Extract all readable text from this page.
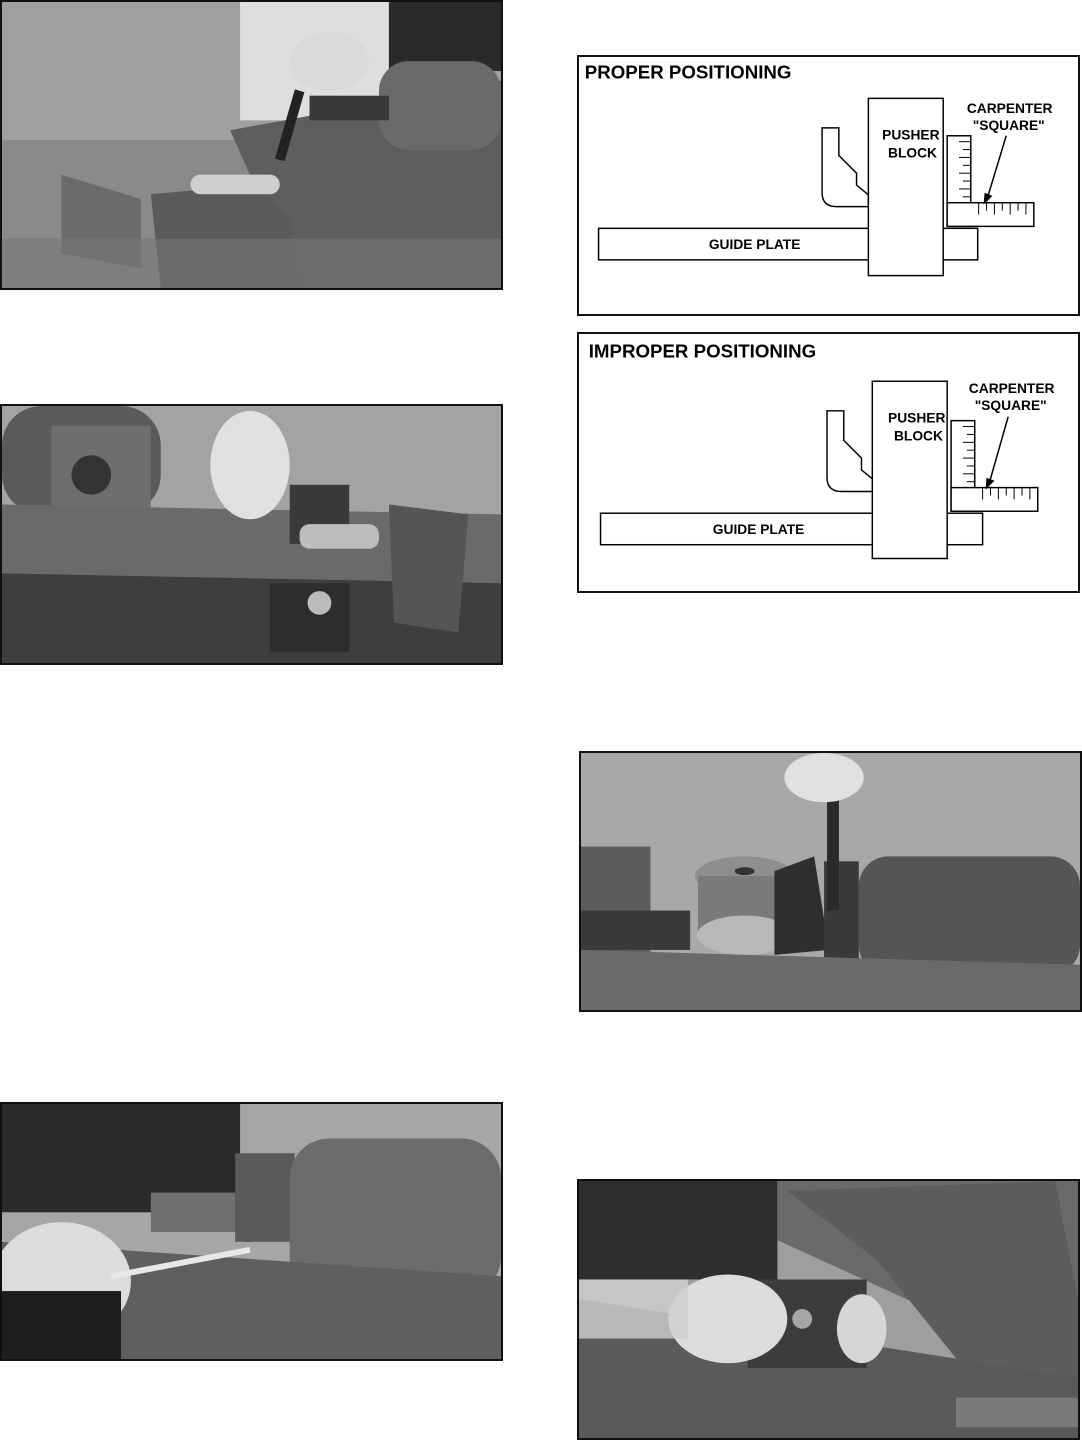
PROPER POSITIONING
GUIDE PLATE
PUSHER
BLOCK
CARPENTER
"SQUARE"
IMPROPER POSITIONING
GUIDE PLATE
PUSHER
BLOCK
CARPENTER
"SQUARE"
